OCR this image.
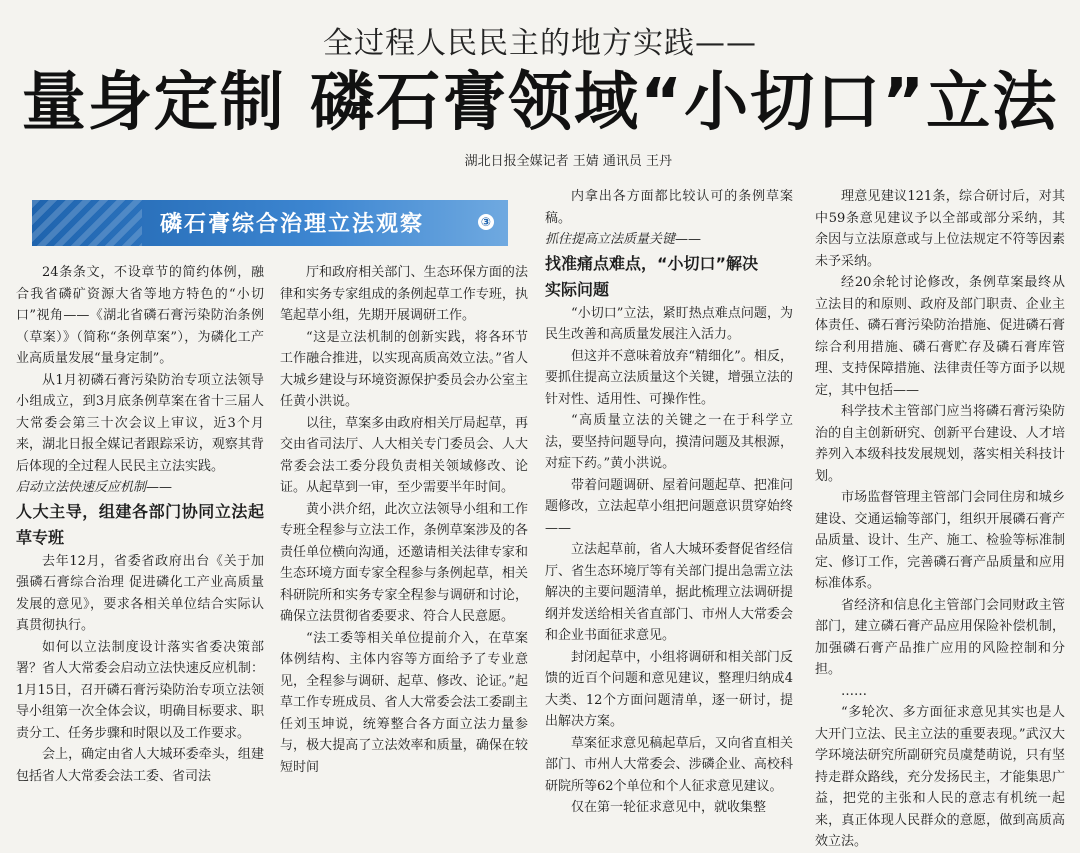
全过程人民民主的地方实践——
量身定制 磷石膏领域“小切口”立法
湖北日报全媒记者 王婧 通讯员 王丹

24条条文，不设章节的简约体例，融合我省磷矿资源大省等地方特色的“小切口”视角——《湖北省磷石膏污染防治条例（草案）》（简称“条例草案”），为磷化工产业高质量发展“量身定制”。

从1月初磷石膏污染防治专项立法领导小组成立，到3月底条例草案在省十三届人大常委会第三十次会议上审议，近3个月来，湖北日报全媒记者跟踪采访，观察其背后体现的全过程人民民主立法实践。

启动立法快速反应机制——

人大主导，组建各部门协同立法起草专班

去年12月，省委省政府出台《关于加强磷石膏综合治理 促进磷化工产业高质量发展的意见》，要求各相关单位结合实际认真贯彻执行。

如何以立法制度设计落实省委决策部署？省人大常委会启动立法快速反应机制：1月15日，召开磷石膏污染防治专项立法领导小组第一次全体会议，明确目标要求、职责分工、任务步骤和时限以及工作要求。

会上，确定由省人大城环委牵头，组建包括省人大常委会法工委、省司法

厅和政府相关部门、生态环保方面的法律和实务专家组成的条例起草工作专班，执笔起草小组，先期开展调研工作。

“这是立法机制的创新实践，将各环节工作融合推进，以实现高质高效立法。”省人大城乡建设与环境资源保护委员会办公室主任黄小洪说。

以往，草案多由政府相关厅局起草，再交由省司法厅、人大相关专门委员会、人大常委会法工委分段负责相关领域修改、论证。从起草到一审，至少需要半年时间。

黄小洪介绍，此次立法领导小组和工作专班全程参与立法工作，条例草案涉及的各责任单位横向沟通，还邀请相关法律专家和生态环境方面专家全程参与条例起草，相关科研院所和实务专家全程参与调研和讨论，确保立法贯彻省委要求、符合人民意愿。

“法工委等相关单位提前介入，在草案体例结构、主体内容等方面给予了专业意见，全程参与调研、起草、修改、论证。”起草工作专班成员、省人大常委会法工委副主任刘玉坤说，统筹整合各方面立法力量参与，极大提高了立法效率和质量，确保在较短时间

磷石膏综合治理立法观察	③

内拿出各方面都比较认可的条例草案稿。

抓住提高立法质量关键——

找准痛点难点，“小切口”解决
实际问题

“小切口”立法，紧盯热点难点问题，为民生改善和高质量发展注入活力。

但这并不意味着放弃“精细化”。相反，要抓住提高立法质量这个关键，增强立法的针对性、适用性、可操作性。

“高质量立法的关键之一在于科学立法，要坚持问题导向，摸清问题及其根源，对症下药。”黄小洪说。

带着问题调研、屋着问题起草、把准问题修改，立法起草小组把问题意识贯穿始终——

立法起草前，省人大城环委督促省经信厅、省生态环境厅等有关部门提出急需立法解决的主要问题清单，据此梳理立法调研提纲并发送给相关省直部门、市州人大常委会和企业书面征求意见。

封闭起草中，小组将调研和相关部门反馈的近百个问题和意见建议，整理归纳成4大类、12个方面问题清单，逐一研讨，提出解决方案。

草案征求意见稿起草后，又向省直相关部门、市州人大常委会、涉磷企业、高校科研院所等62个单位和个人征求意见建议。

仅在第一轮征求意见中，就收集整

理意见建议121条，综合研讨后，对其中59条意见建议予以全部或部分采纳，其余因与立法原意或与上位法规定不符等因素未予采纳。

经20余轮讨论修改，条例草案最终从立法目的和原则、政府及部门职责、企业主体责任、磷石膏污染防治措施、促进磷石膏综合利用措施、磷石膏贮存及磷石膏库管理、支持保障措施、法律责任等方面予以规定，其中包括——

科学技术主管部门应当将磷石膏污染防治的自主创新研究、创新平台建设、人才培养列入本级科技发展规划，落实相关科技计划。

市场监督管理主管部门会同住房和城乡建设、交通运输等部门，组织开展磷石膏产品质量、设计、生产、施工、检验等标准制定、修订工作，完善磷石膏产品质量和应用标准体系。

省经济和信息化主管部门会同财政主管部门，建立磷石膏产品应用保险补偿机制，加强磷石膏产品推广应用的风险控制和分担。

……

“多轮次、多方面征求意见其实也是人大开门立法、民主立法的重要表现。”武汉大学环境法研究所副研究员虞楚萌说，只有坚持走群众路线，充分发扬民主，才能集思广益，把党的主张和人民的意志有机统一起来，真正体现人民群众的意愿，做到高质高效立法。
